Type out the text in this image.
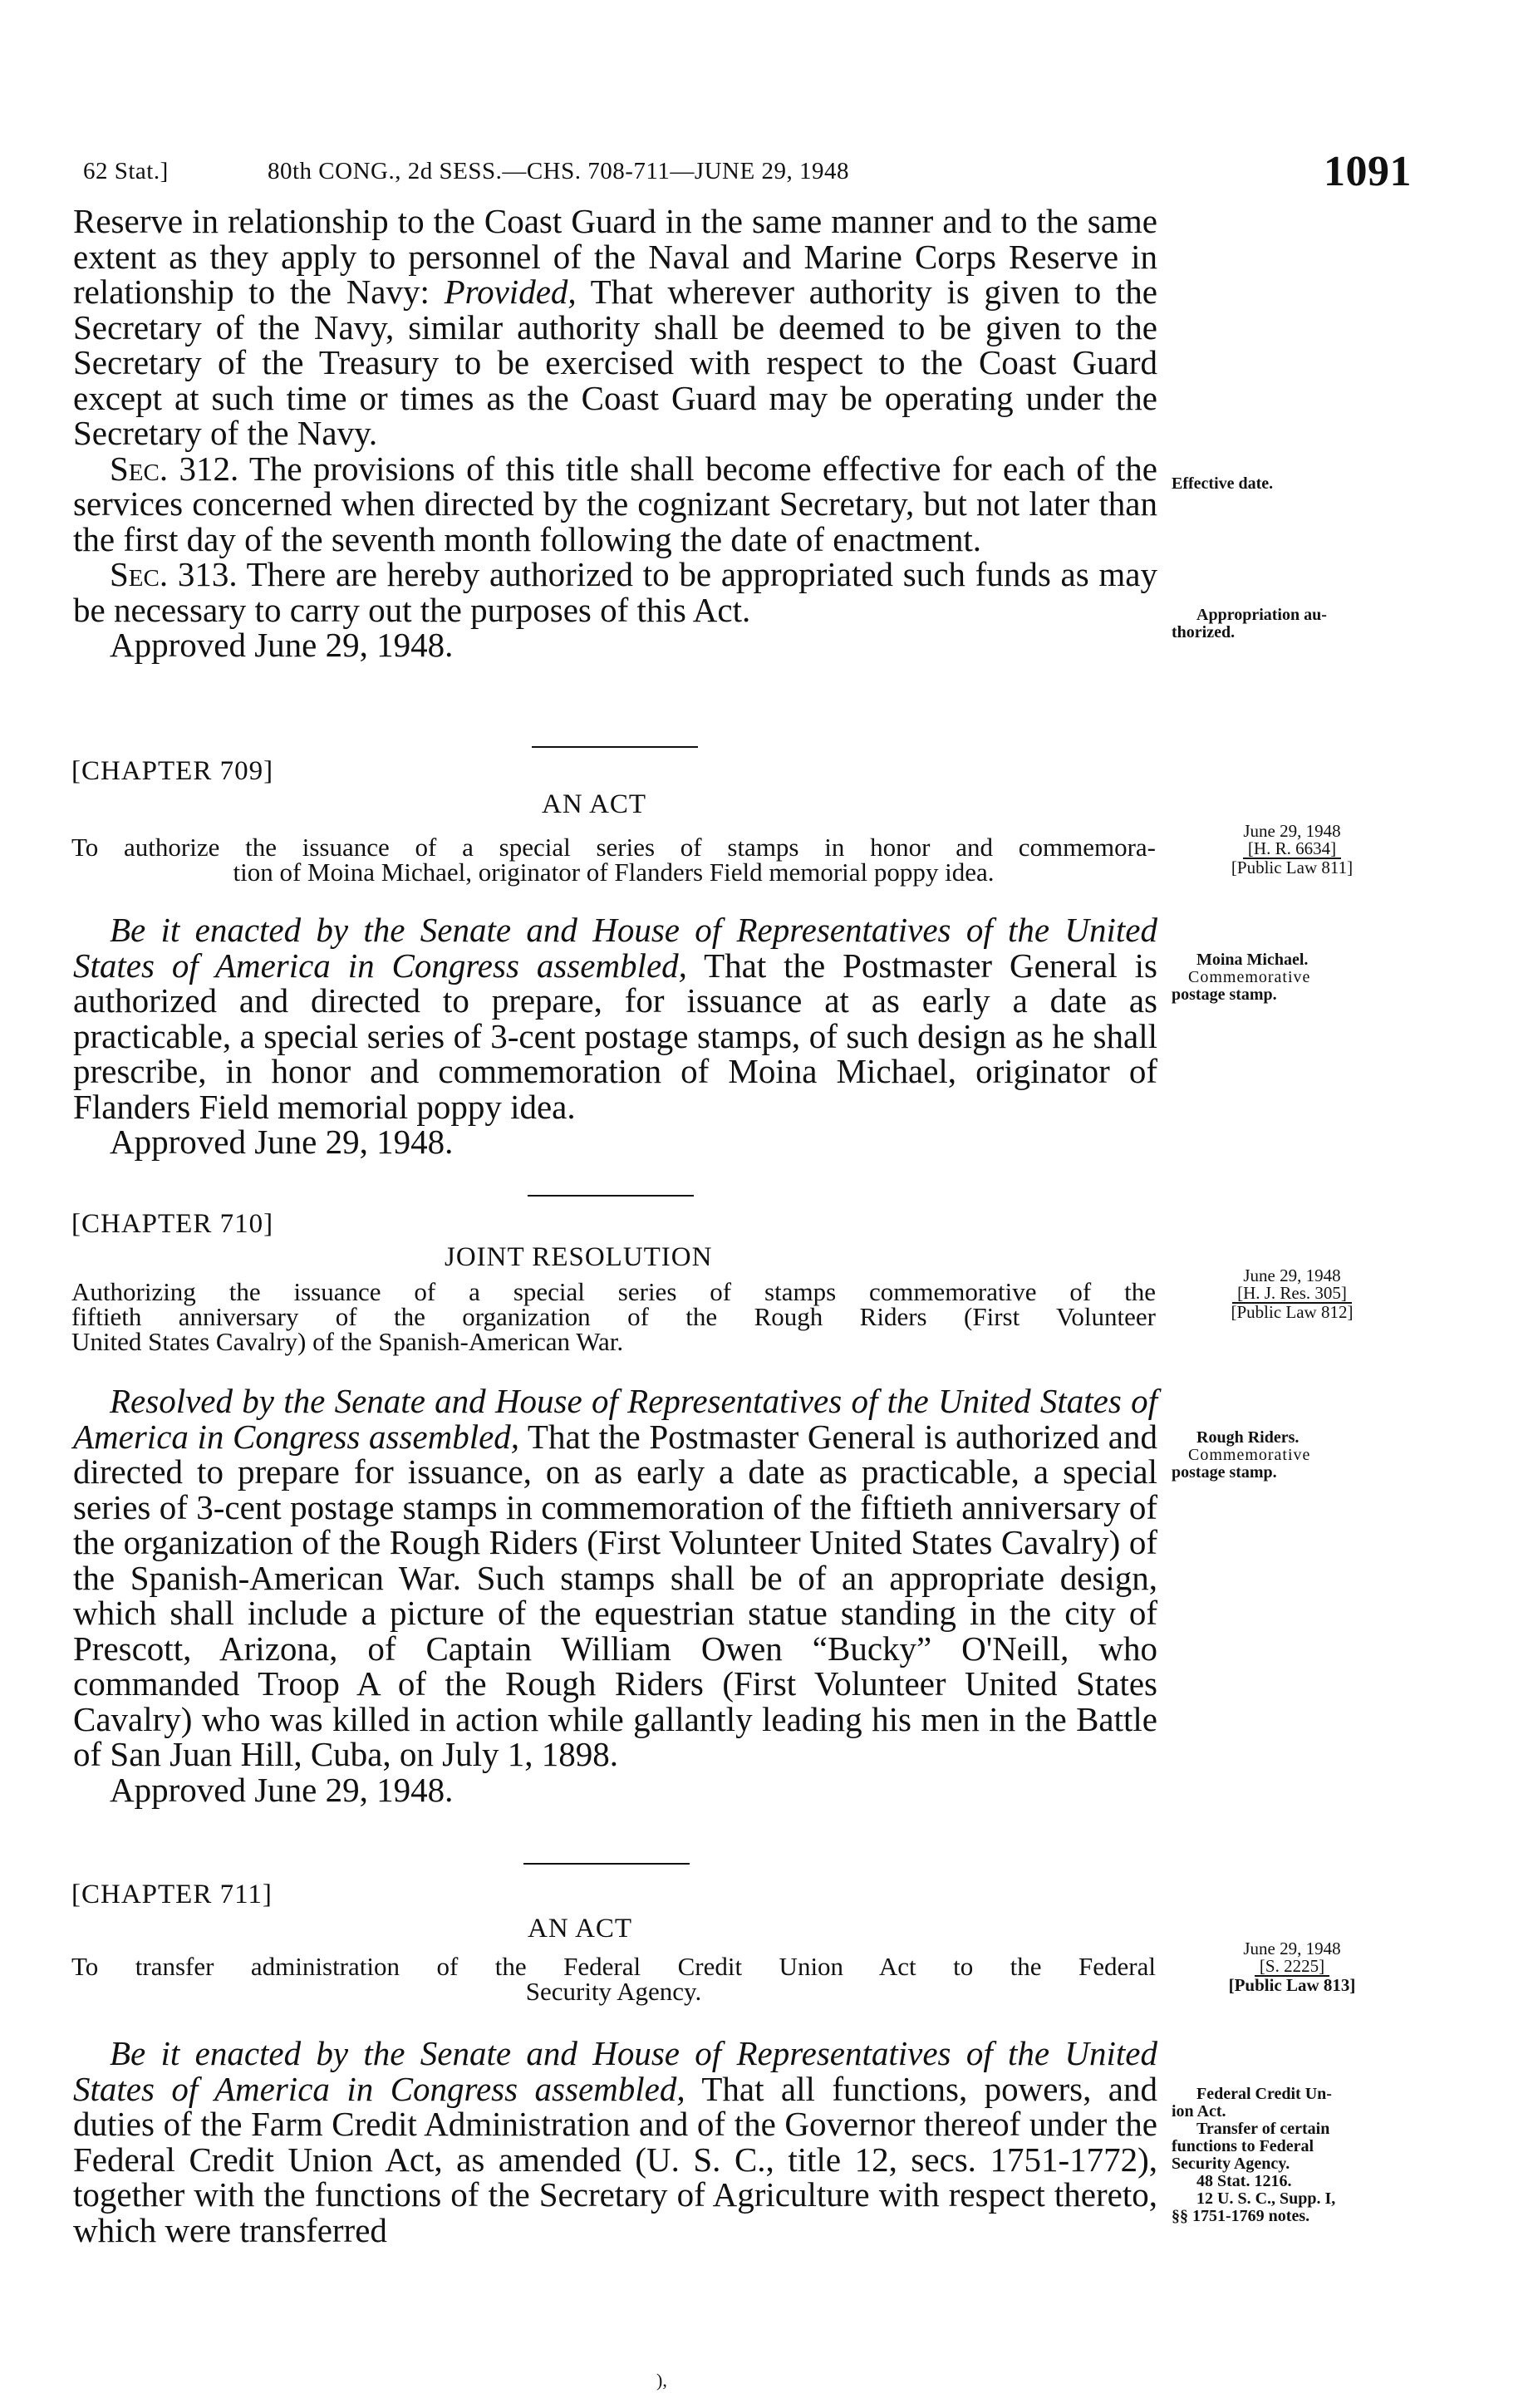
62 Stat.]	80th CONG., 2d SESS.—CHS. 708-711—JUNE 29, 1948	1091

Reserve in relationship to the Coast Guard in the same manner and to the same extent as they apply to personnel of the Naval and Marine Corps Reserve in relationship to the Navy: Provided, That wherever authority is given to the Secretary of the Navy, similar authority shall be deemed to be given to the Secretary of the Treasury to be exercised with respect to the Coast Guard except at such time or times as the Coast Guard may be operating under the Secretary of the Navy.

Sec. 312. The provisions of this title shall become effective for each of the services concerned when directed by the cognizant Secretary, but not later than the first day of the seventh month following the date of enactment.

Sec. 313. There are hereby authorized to be appropriated such funds as may be necessary to carry out the purposes of this Act.

Approved June 29, 1948.

Effective date.
Appropriation au-
thorized.
[CHAPTER 709]
AN ACT
To authorize the issuance of a special series of stamps in honor and commemora-
tion of Moina Michael, originator of Flanders Field memorial poppy idea.
June 29, 1948
[H. R. 6634]
[Public Law 811]

Be it enacted by the Senate and House of Representatives of the United States of America in Congress assembled, That the Postmaster General is authorized and directed to prepare, for issuance at as early a date as practicable, a special series of 3-cent postage stamps, of such design as he shall prescribe, in honor and commemoration of Moina Michael, originator of Flanders Field memorial poppy idea.

Approved June 29, 1948.

Moina Michael.
Commemorative
postage stamp.
[CHAPTER 710]
JOINT RESOLUTION
Authorizing the issuance of a special series of stamps commemorative of the
fiftieth anniversary of the organization of the Rough Riders (First Volunteer
United States Cavalry) of the Spanish-American War.
June 29, 1948
[H. J. Res. 305]
[Public Law 812]

Resolved by the Senate and House of Representatives of the United States of America in Congress assembled, That the Postmaster General is authorized and directed to prepare for issuance, on as early a date as practicable, a special series of 3-cent postage stamps in commemoration of the fiftieth anniversary of the organization of the Rough Riders (First Volunteer United States Cavalry) of the Spanish-American War. Such stamps shall be of an appropriate design, which shall include a picture of the equestrian statue standing in the city of Prescott, Arizona, of Captain William Owen “Bucky” O'Neill, who commanded Troop A of the Rough Riders (First Volunteer United States Cavalry) who was killed in action while gallantly leading his men in the Battle of San Juan Hill, Cuba, on July 1, 1898.

Approved June 29, 1948.

Rough Riders.
Commemorative
postage stamp.
[CHAPTER 711]
AN ACT
To transfer administration of the Federal Credit Union Act to the Federal
Security Agency.
June 29, 1948
[S. 2225]
[Public Law 813]

Be it enacted by the Senate and House of Representatives of the United States of America in Congress assembled, That all functions, powers, and duties of the Farm Credit Administration and of the Governor thereof under the Federal Credit Union Act, as amended (U. S. C., title 12, secs. 1751-1772), together with the functions of the Secretary of Agriculture with respect thereto, which were transferred

Federal Credit Un-
ion Act.
Transfer of certain
functions to Federal
Security Agency.
48 Stat. 1216.
12 U. S. C., Supp. I,
§§ 1751-1769 notes.
),
